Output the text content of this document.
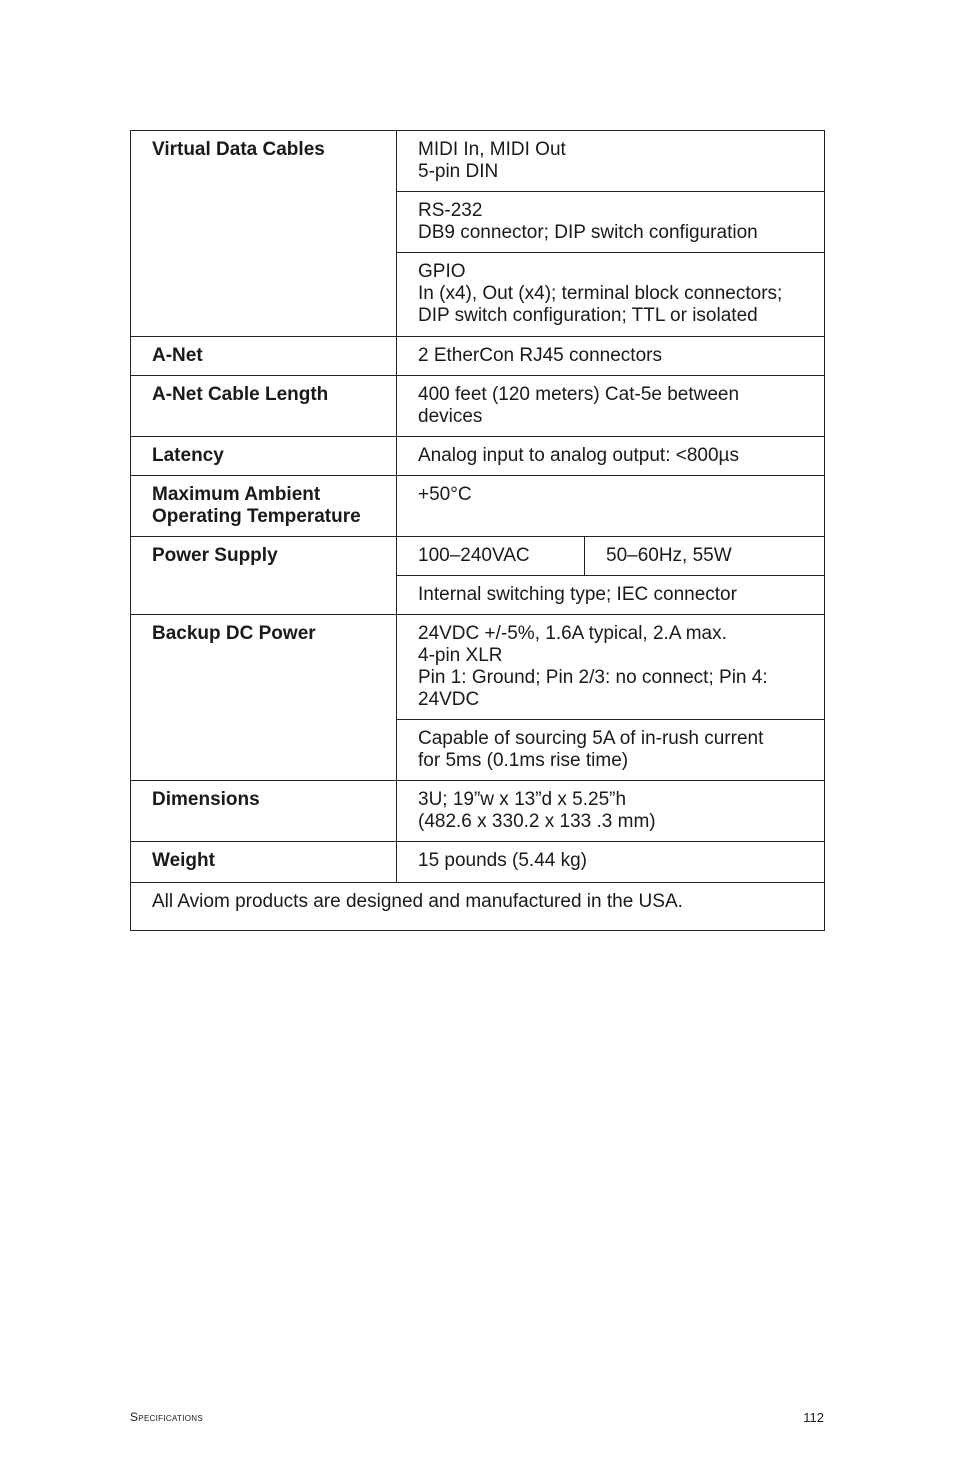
Virtual Data Cables	MIDI In, MIDI Out
5-pin DIN	

	RS-232
DB9 connector; DIP switch configuration	

	GPIO
In (x4), Out (x4); terminal block connectors;
DIP switch configuration; TTL or isolated	

A-Net	2 EtherCon RJ45 connectors	
A-Net Cable Length	400 feet (120 meters) Cat-5e between
devices	

Latency	Analog input to analog output: <800µs	

Maximum Ambient
Operating Temperature	+50°C	
Power Supply	100–240VAC	50–60Hz, 55W
	Internal switching type; IEC connector	
Backup DC Power	24VDC +/-5%, 1.6A typical, 2.A max.
4-pin XLR
Pin 1: Ground; Pin 2/3: no connect; Pin 4:
24VDC	

	Capable of sourcing 5A of in-rush current
for 5ms (0.1ms rise time)	

Dimensions	3U; 19”w x 13”d x 5.25”h
(482.6 x 330.2 x 133 .3 mm)	

Weight	15 pounds (5.44 kg)	
All Aviom products are designed and manufactured in the USA.		
Specifications	112
